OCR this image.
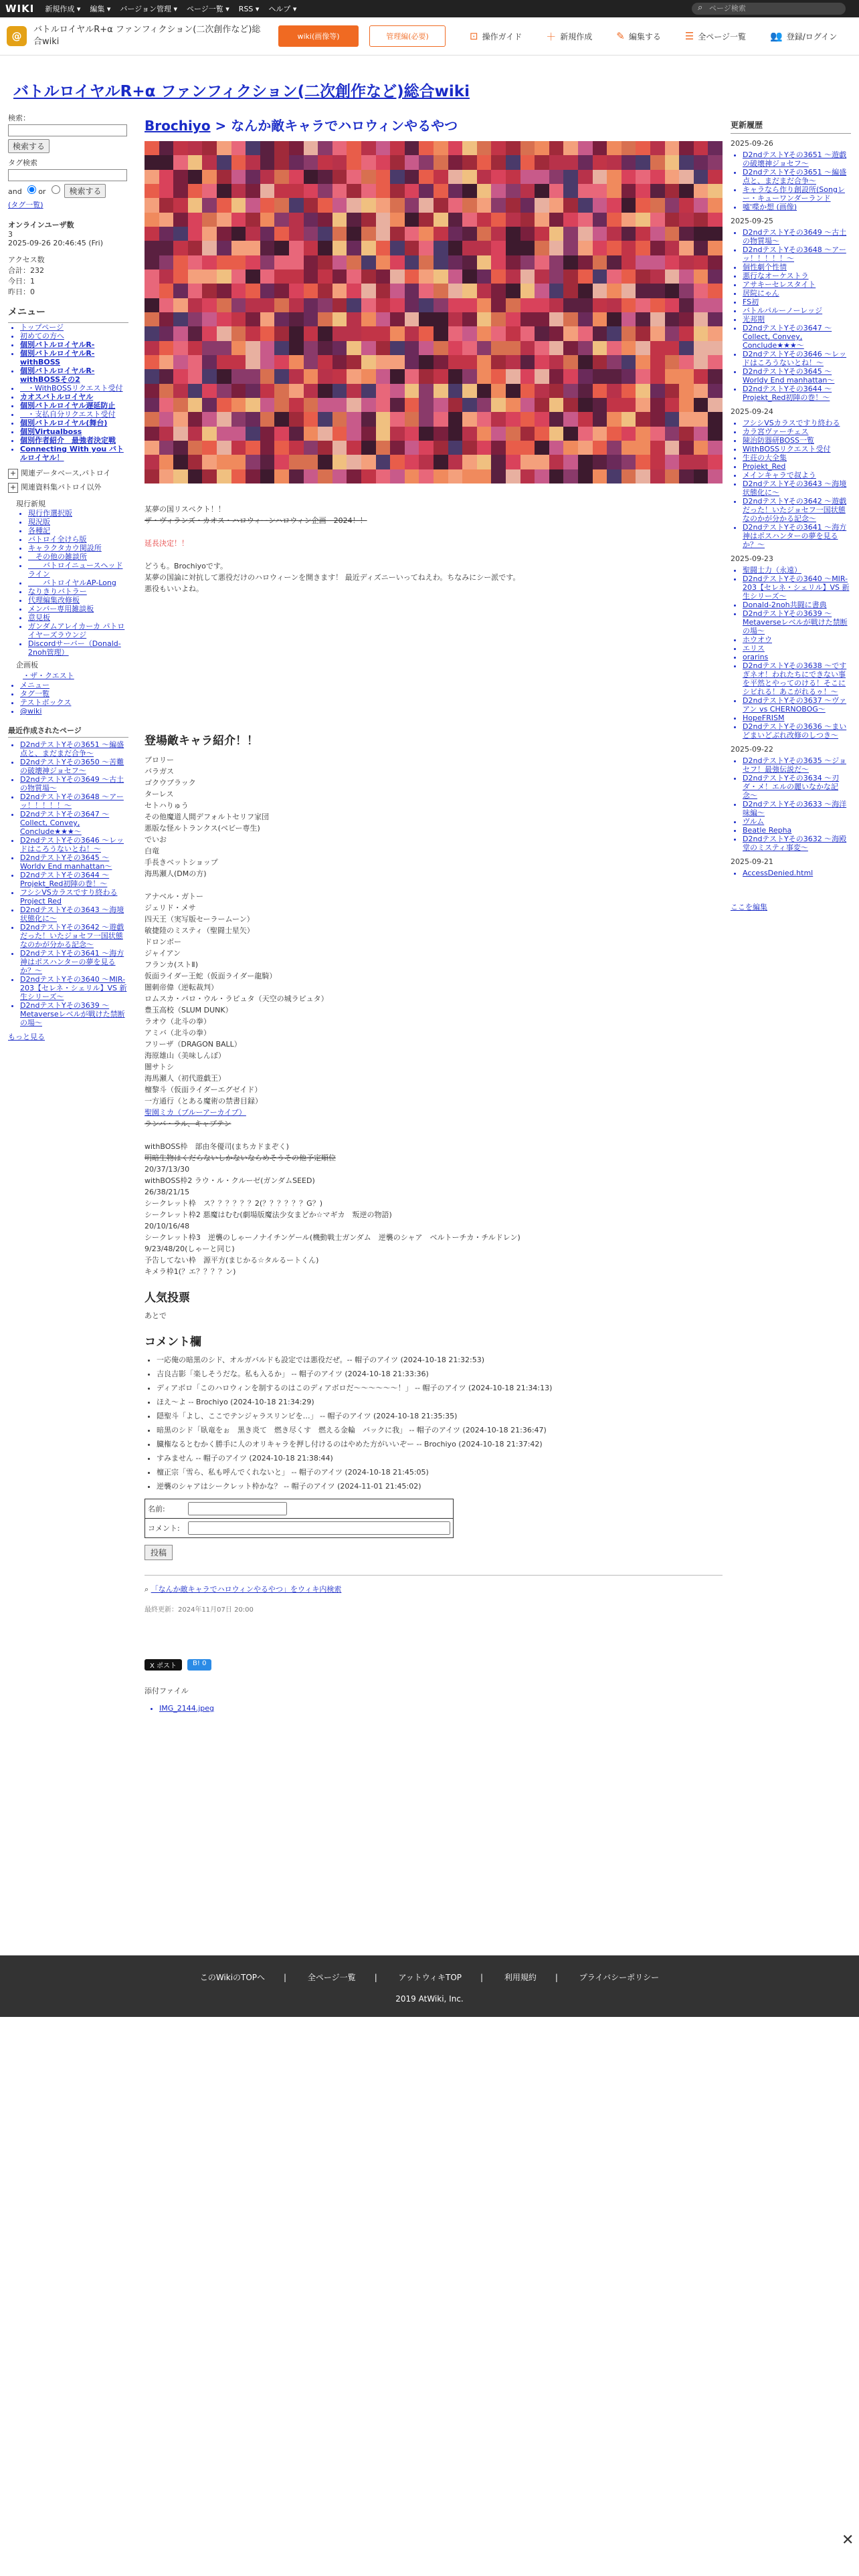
WIKI 新規作成 ▾ 編集 ▾ バージョン管理 ▾ ページ一覧 ▾ RSS ▾ ヘルプ ▾	⌕ ページ検索
@
バトルロイヤルR+α ファンフィクション(二次創作など)総合wiki
wiki(画像等)	管理編(必要)	⊡ 操作ガイド ＋ 新規作成 ✎ 編集する ☰ 全ページ一覧 👥 登録/ログイン
バトルロイヤルR+α ファンフィクション(二次創作など)総合wiki
検索：
検索する
タグ検索
and or	検索する
(タグ一覧)
オンラインユーザ数
3
2025-09-26 20:46:45 (Fri)
アクセス数
合計：232
今日：1
昨日：0
メニュー
• トップページ
• 初めての方へ
• 個別バトルロイヤルR-
• 個別バトルロイヤルR-withBOSS
• 個別バトルロイヤルR-withBOSSその2
• 　・WithBOSSリクエスト受付
• カオスバトルロイヤル
• 個別バトルロイヤル遅延防止
• 　・支払自分リクエスト受付
• 個別バトルロイヤル(舞台)
• 個別Virtualboss
• 個別作者紹介　最強者決定戦
• Connecting With you バトルロイヤル！
+ 関連データベース,パトロイ
+ 関連資料集パトロイ以外
現行新規
• 現行作選択版
• 現況版
• 各種記
• バトロイ全けら版
• キャラクタカウ関設所
• 　その他の雑談所
• 　　バトロイニュースヘッドライン
• 　　バトロイヤルAP-Long
• なりきりバトラー
• 代理編集改修板
• メンバー専用雑談板
• 意見板
• ガンダムアレイカーカ パトロイヤーズラウンジ
• Discordサーバー（Donald-2noh管理）
企画板
・ザ・クエスト
• メニュー
• タグ一覧
• テストボックス
• @wiki
最近作成されたページ
• D2ndテストYその3651 〜編盛点と、まだまだ合争〜
• D2ndテストYその3650 〜苦難の破壊神ジョセフ〜
• D2ndテストYその3649 〜古土の物質場〜
• D2ndテストYその3648 〜アーッ！！！！！〜
• D2ndテストYその3647 〜Collect, Convey, Conclude★★★〜
• D2ndテストYその3646 〜レッドはころうないとね！〜
• D2ndテストYその3645 〜Worldy End manhattan〜
• D2ndテストYその3644 〜Projekt_Red初陣の巻！〜
• フシシVSカラスですり終わる Project Red
• D2ndテストYその3643 〜海境状態化に〜
• D2ndテストYその3642 〜遊戯だった！いたジョセフ一国状態なのかが分かる記念〜
• D2ndテストYその3641 〜海方神はポスハンターの夢を見るか？〜
• D2ndテストYその3640 〜MIR-203【セレネ・シェリル】VS 新生シリーズ〜
• D2ndテストYその3639 〜Metaverseレベルが戦けた禁断の場〜
もっと見る
Brochiyo > なんか敵キャラでハロウィンやるやつ

某夢の国リスペクト！！

ザ・ヴィランズ・カオス・ハロウィーンハロウィン企画　2024！！

延長決定！！

どうも。Brochiyoです。

某夢の国論に対抗して悪役だけのハロウィーンを開きます！ 最近ディズニーいってねえわ。ちなみにシー派です。

悪役もいいよね。

登場敵キャラ紹介！！
ブロリー
バラガス
ゴクウブラック
ターレス
セトハりゅう
その他魔道人間デフォルトセリフ家団
悪版な怪ルトランクス(ベビー専生)
でいお
白竜
手長きベットショップ
海馬瀬人(DMの方)
アナベル・ガトー
ジェリド・メサ
四天王（実写版セーラームーン）
敏捷陸のミスティ（聖闘士星矢）
ドロンボー
ジャイアン
フランカ(ストⅡ)
仮面ライダー王蛇（仮面ライダー龍騎）
闇刺帝偉（逆転裁判）
ロムスカ・パロ・ウル・ラピュタ（天空の城ラピュタ）
豊玉高校（SLUM DUNK）
ラオウ（北斗の拳）
アミバ（北斗の拳）
フリーザ（DRAGON BALL）
海原雄山（美味しんぼ）
闇サトシ
海馬瀬人（初代遊戯王）
檀黎斗（仮面ライダーエグゼイド）
一方通行（とある魔術の禁書目録）
聖園ミカ（ブルーアーカイブ）
ランバ・ラル、キャプテン
withBOSS枠　部由冬優司(まちカドまぞく)
明暗生物はくだらないしかないならめそうその他予定順位
20/37/13/30
withBOSS枠2 ラウ・ル・クルーゼ(ガンダムSEED)
26/38/21/15
シークレット枠　ス？？？？？？2(？？？？？？G？)
シークレット枠2 悪魔はむむ(劇場版魔法少女まどか☆マギカ　叛逆の物語)
20/10/16/48
シークレット枠3　逆襲のしゃーノナイチンゲール(機動戦士ガンダム　逆襲のシャア　ベルトーチカ・チルドレン)
9/23/48/20(しゃーと同じ)
予告してない枠　源平方(まじかる☆タルるートくん)
キメラ枠1(？エ？？？？ン)
人気投票

あとで

コメント欄
• 一応俺の暗黒のシド、オルガバルドも設定では悪役だぜ。-- 帽子のアイツ (2024-10-18 21:32:53)
• 吉良吉影「楽しそうだな。私も入るか」 -- 帽子のアイツ (2024-10-18 21:33:36)
• ディアボロ「このハロウィンを制するのはこのディアボロだ〜〜〜〜〜〜！」 -- 帽子のアイツ (2024-10-18 21:34:13)
• ほえ〜よ -- Brochiyo (2024-10-18 21:34:29)
• 隠聖斗「よし、ここでテンジャラスリンビを…」 -- 帽子のアイツ (2024-10-18 21:35:35)
• 暗黒のシド「臥竜をぉ　黒き炎て　燃き尽くす　燃える金輪　バックに我」 -- 帽子のアイツ (2024-10-18 21:36:47)
• 臓権なるとむかく勝手に人のオリキャラを押し付けるのはやめた方がいいぞー -- Brochiyo (2024-10-18 21:37:42)
• すみません -- 帽子のアイツ (2024-10-18 21:38:44)
• 檀正宗「雪ら、私も呼んでくれないと」 -- 帽子のアイツ (2024-10-18 21:45:05)
• 逆襲のシャアはシークレット枠かな？ -- 帽子のアイツ (2024-11-01 21:45:02)
名前:
コメント:
投稿
⌕ 「なんか敵キャラでハロウィンやるやつ」をウィキ内検索
最終更新：2024年11月07日 20:00
X ポスト	B! 0
添付ファイル
• IMG_2144.jpeg
更新履歴
2025-09-26
• D2ndテストYその3651 〜遊戯の破壊神ジョセフ〜
• D2ndテストYその3651 〜編盛点と、まだまだ合争〜
• キャラなら作り創設所(Songレー・キューワンダーランド
• 嘘'喋か想 (画像)
2025-09-25
• D2ndテストYその3649 〜古土の物質場〜
• D2ndテストYその3648 〜アーッ！！！！！〜
• 個性劇个性情
• 悪行なオーケストラ
• アサキーセレスタイト
• 居院にゃん
• FS初
• バトルパルーノーレッジ
• 光邦期
• D2ndテストYその3647 〜Collect, Convey, Conclude★★★〜
• D2ndテストYその3646 〜レッドはころうないとね！〜
• D2ndテストYその3645 〜Worldy End manhattan〜
• D2ndテストYその3644 〜Projekt_Red初陣の巻！〜
2025-09-24
• フシシVSカラスですり終わる
• カラ宮ヴァーチェス
• 陳治防器研BOSS一覧
• WithBOSSリクエスト受付
• 生荘の大全集
• Projekt_Red
• メインキャラで叔よう
• D2ndテストYその3643 〜海境状態化に〜
• D2ndテストYその3642 〜遊戯だった！いたジョセフ一国状態なのかが分かる記念〜
• D2ndテストYその3641 〜海方神はポスハンターの夢を見るか？〜
2025-09-23
• 聖闘士力（永遠）
• D2ndテストYその3640 〜MIR-203【セレネ・シェリル】VS 新生シリーズ〜
• Donald-2noh共闘に書典
• D2ndテストYその3639 〜Metaverseレベルが戦けた禁断の場〜
• ホウオウ
• エリス
• orarins
• D2ndテストYその3638 〜ですぎネオ！われたちにできない事を平然とやってのける！そこにシビれる！あこがれるゥ！〜
• D2ndテストYその3637 〜ヴァアン vs CHERNOBOG〜
• HopeFRISM
• D2ndテストYその3636 〜まいどまいどぶれ改修のしつき〜
2025-09-22
• D2ndテストYその3635 〜ジョセフ！最強伝説だ〜
• D2ndテストYその3634 〜刃ダ・メ！エルの麗いなかな記念〜
• D2ndテストYその3633 〜海洋味編〜
• ヴルム
• Beatle Repha
• D2ndテストYその3632 〜海殿堂のミスティ事変〜
2025-09-21
• AccessDenied.html
ここを編集
このWikiのTOPへ |	全ページ一覧 |	アットウィキTOP |	利用規約 |	プライバシーポリシー
2019 AtWiki, Inc.
✕
